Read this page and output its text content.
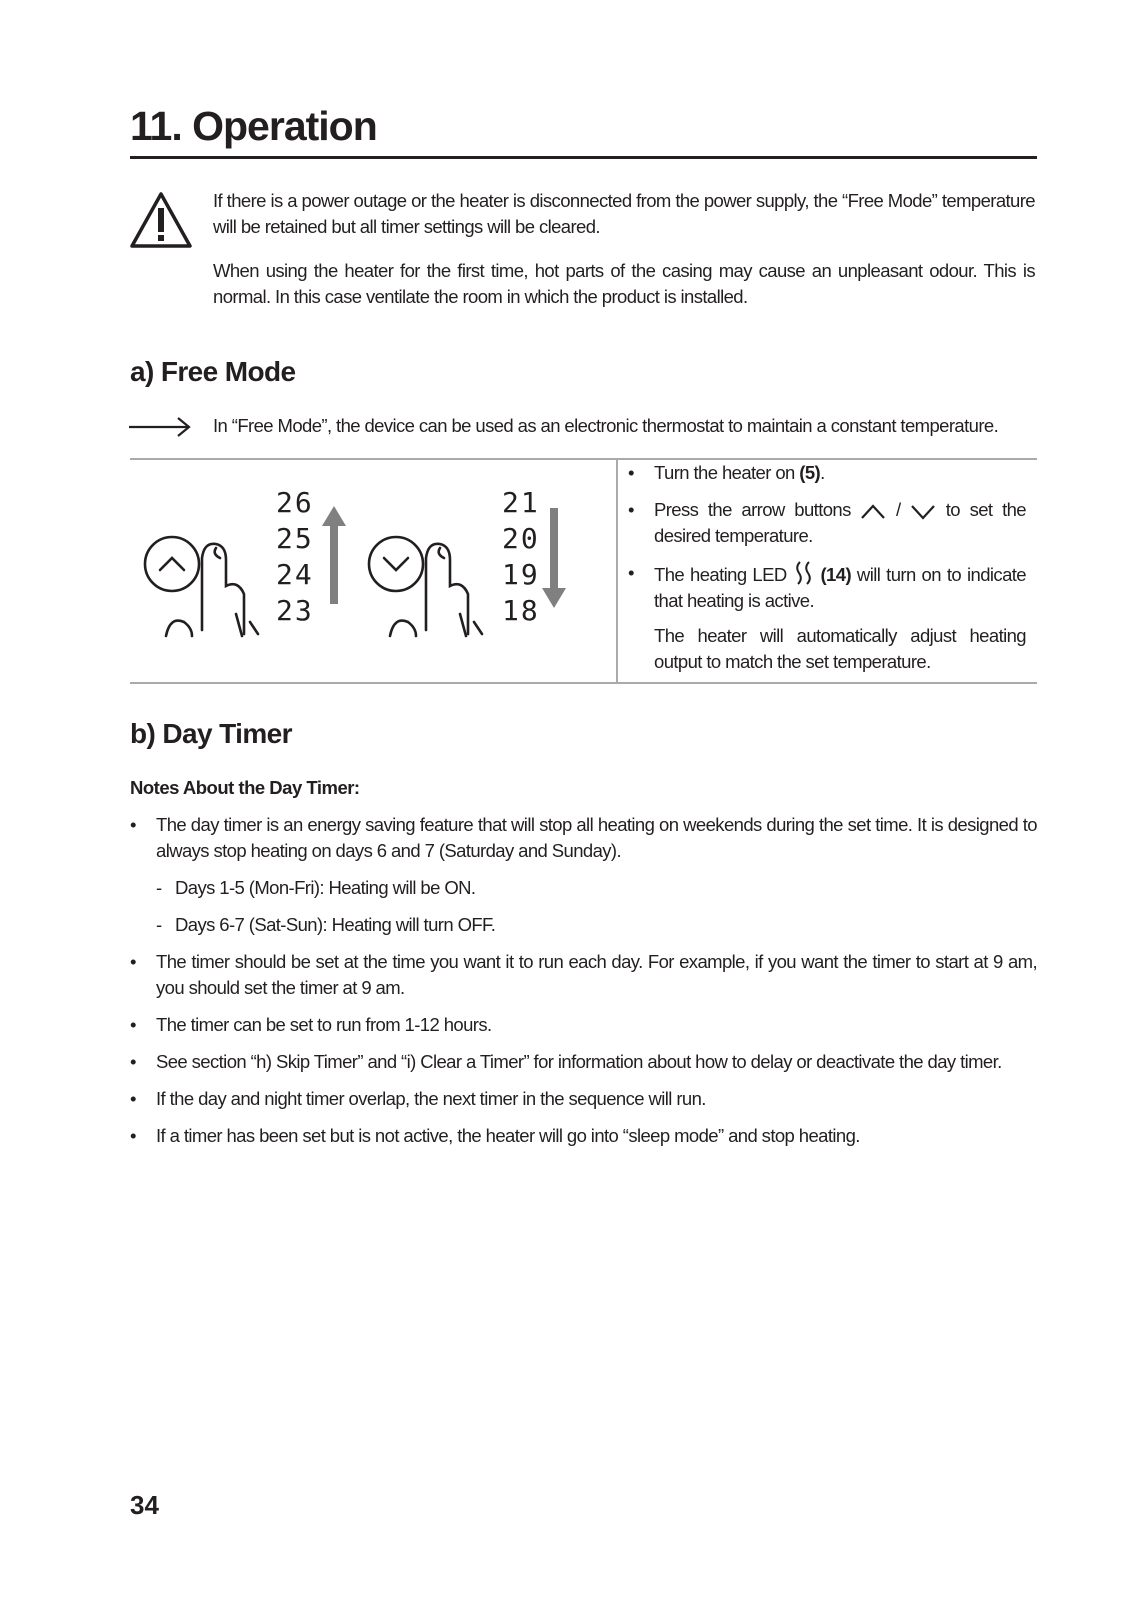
11. Operation

If there is a power outage or the heater is disconnected from the power supply, the “Free Mode” temperature will be retained but all timer settings will be cleared.

When using the heater for the first time, hot parts of the casing may cause an unpleasant odour. This is normal. In this case ventilate the room in which the product is installed.

a) Free Mode
In “Free Mode”, the device can be used as an electronic thermostat to maintain a constant temperature.
26
25
24
23
21
20
19
18
• Turn the heater on (5).
• Press the arrow buttons  /  to set the desired temperature.
• The heating LED  (14) will turn on to indicate that heating is active.
The heater will automatically adjust heating output to match the set temperature.
b) Day Timer

Notes About the Day Timer:

• The day timer is an energy saving feature that will stop all heating on weekends during the set time. It is designed to always stop heating on days 6 and 7 (Saturday and Sunday).
- Days 1-5 (Mon-Fri): Heating will be ON.
- Days 6-7 (Sat-Sun): Heating will turn OFF.
• The timer should be set at the time you want it to run each day. For example, if you want the timer to start at 9 am, you should set the timer at 9 am.
• The timer can be set to run from 1-12 hours.
• See section “h) Skip Timer” and “i) Clear a Timer” for information about how to delay or deactivate the day timer.
• If the day and night timer overlap, the next timer in the sequence will run.
• If a timer has been set but is not active, the heater will go into “sleep mode” and stop heating.

34
